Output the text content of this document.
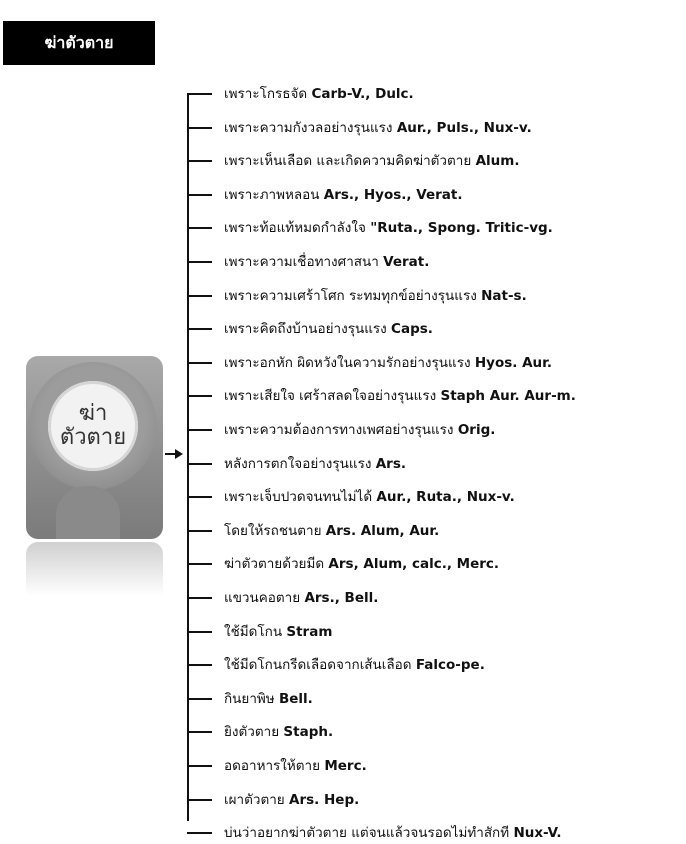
ฆ่าตัวตาย
ฆ่า
ตัวตาย
เพราะโกรธจัด Carb-V., Dulc.
เพราะความกังวลอย่างรุนแรง Aur., Puls., Nux-v.
เพราะเห็นเลือด และเกิดความคิดฆ่าตัวตาย Alum.
เพราะภาพหลอน Ars., Hyos., Verat.
เพราะท้อแท้หมดกำลังใจ "Ruta., Spong. Tritic-vg.
เพราะความเชื่อทางศาสนา Verat.
เพราะความเศร้าโศก ระทมทุกข์อย่างรุนแรง Nat-s.
เพราะคิดถึงบ้านอย่างรุนแรง Caps.
เพราะอกหัก ผิดหวังในความรักอย่างรุนแรง Hyos. Aur.
เพราะเสียใจ เศร้าสลดใจอย่างรุนแรง Staph Aur. Aur-m.
เพราะความต้องการทางเพศอย่างรุนแรง Orig.
หลังการตกใจอย่างรุนแรง Ars.
เพราะเจ็บปวดจนทนไม่ได้ Aur., Ruta., Nux-v.
โดยให้รถชนตาย Ars. Alum, Aur.
ฆ่าตัวตายด้วยมีด Ars, Alum, calc., Merc.
แขวนคอตาย Ars., Bell.
ใช้มีดโกน Stram
ใช้มีดโกนกรีดเลือดจากเส้นเลือด Falco-pe.
กินยาพิษ Bell.
ยิงตัวตาย Staph.
อดอาหารให้ตาย Merc.
เผาตัวตาย Ars. Hep.
บ่นว่าอยากฆ่าตัวตาย แต่จนแล้วจนรอดไม่ทำสักที Nux-V.
